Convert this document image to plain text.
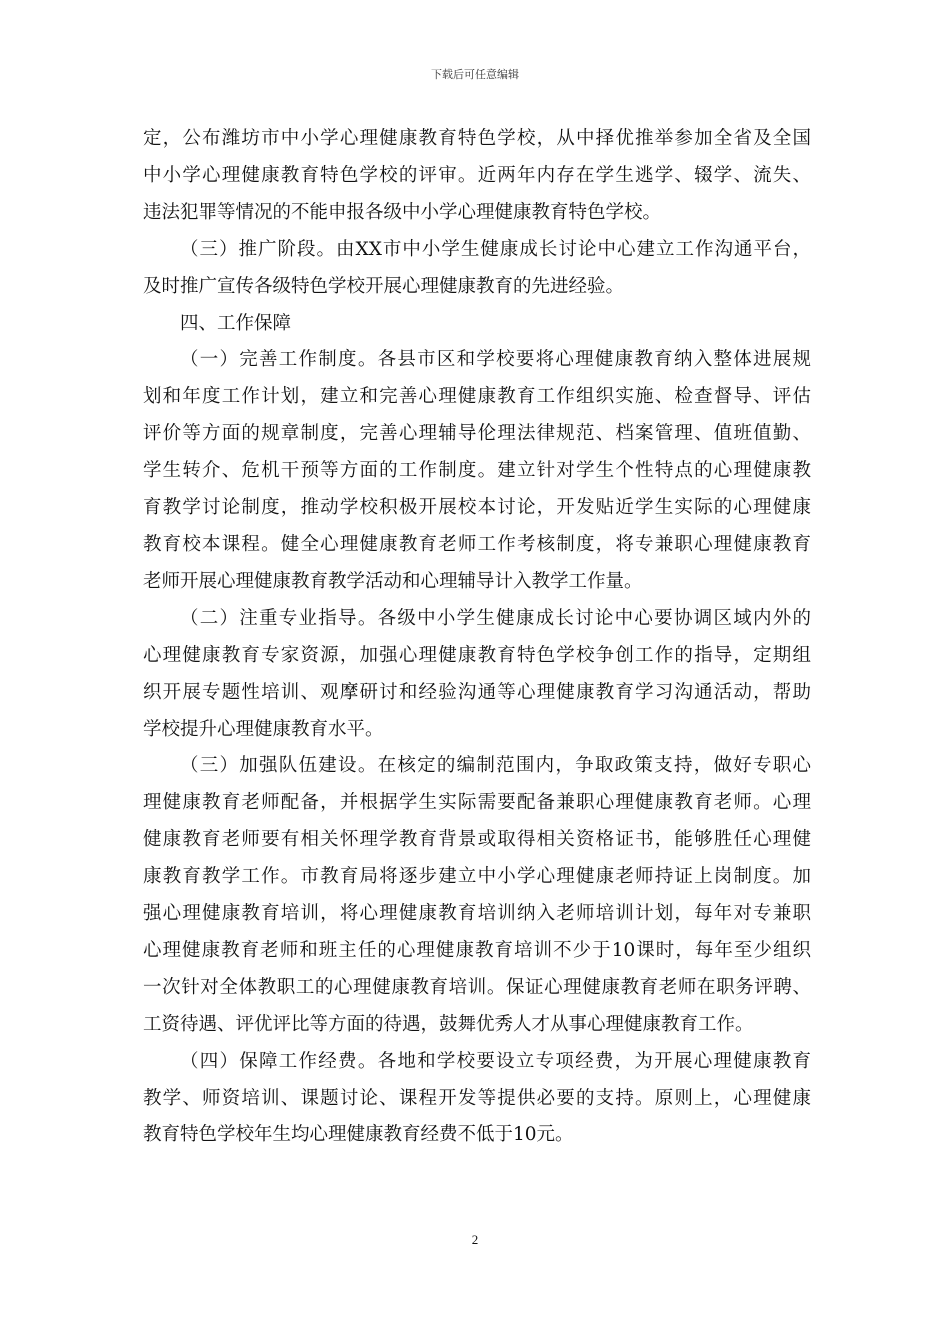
下载后可任意编辑

定，公布潍坊市中小学心理健康教育特色学校，从中择优推举参加全省及全国
中小学心理健康教育特色学校的评审。近两年内存在学生逃学、辍学、流失、
违法犯罪等情况的不能申报各级中小学心理健康教育特色学校。

（三）推广阶段。由XX市中小学生健康成长讨论中心建立工作沟通平台，
及时推广宣传各级特色学校开展心理健康教育的先进经验。

四、工作保障

（一）完善工作制度。各县市区和学校要将心理健康教育纳入整体进展规
划和年度工作计划，建立和完善心理健康教育工作组织实施、检查督导、评估
评价等方面的规章制度，完善心理辅导伦理法律规范、档案管理、值班值勤、
学生转介、危机干预等方面的工作制度。建立针对学生个性特点的心理健康教
育教学讨论制度，推动学校积极开展校本讨论，开发贴近学生实际的心理健康
教育校本课程。健全心理健康教育老师工作考核制度，将专兼职心理健康教育
老师开展心理健康教育教学活动和心理辅导计入教学工作量。

（二）注重专业指导。各级中小学生健康成长讨论中心要协调区域内外的
心理健康教育专家资源，加强心理健康教育特色学校争创工作的指导，定期组
织开展专题性培训、观摩研讨和经验沟通等心理健康教育学习沟通活动，帮助
学校提升心理健康教育水平。

（三）加强队伍建设。在核定的编制范围内，争取政策支持，做好专职心
理健康教育老师配备，并根据学生实际需要配备兼职心理健康教育老师。心理
健康教育老师要有相关怀理学教育背景或取得相关资格证书，能够胜任心理健
康教育教学工作。市教育局将逐步建立中小学心理健康老师持证上岗制度。加
强心理健康教育培训，将心理健康教育培训纳入老师培训计划，每年对专兼职
心理健康教育老师和班主任的心理健康教育培训不少于10课时，每年至少组织
一次针对全体教职工的心理健康教育培训。保证心理健康教育老师在职务评聘、
工资待遇、评优评比等方面的待遇，鼓舞优秀人才从事心理健康教育工作。

（四）保障工作经费。各地和学校要设立专项经费，为开展心理健康教育
教学、师资培训、课题讨论、课程开发等提供必要的支持。原则上，心理健康
教育特色学校年生均心理健康教育经费不低于10元。

2
